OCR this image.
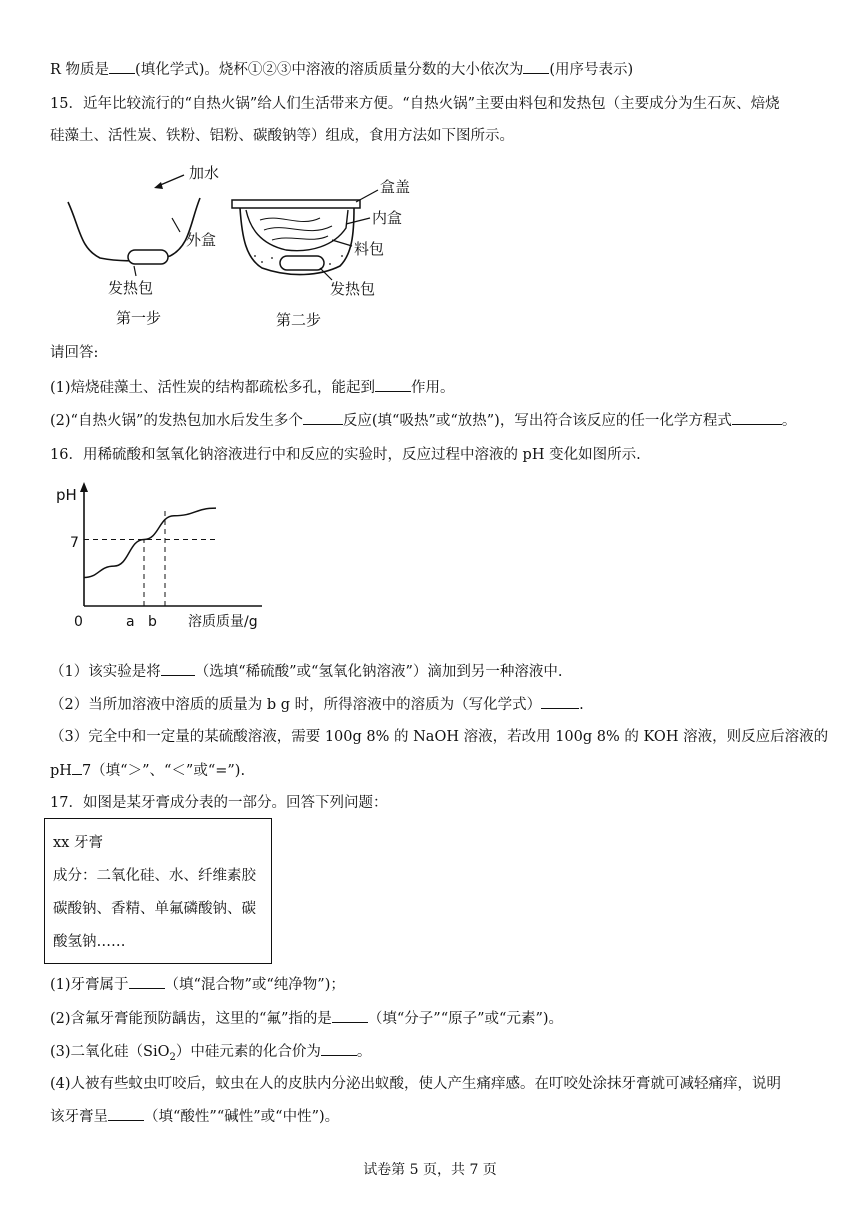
R 物质是 (填化学式)。烧杯①②③中溶液的溶质质量分数的大小依次为 (用序号表示)
15．近年比较流行的“自热火锅”给人们生活带来方便。“自热火锅”主要由料包和发热包（主要成分为生石灰、焙烧
硅藻土、活性炭、铁粉、铝粉、碳酸钠等）组成，食用方法如下图所示。
加水
外盒
发热包
第一步
盒盖
内盒
料包
发热包
第二步
请回答:
(1)焙烧硅藻土、活性炭的结构都疏松多孔，能起到 作用。
(2)“自热火锅”的发热包加水后发生多个	反应(填“吸热”或“放热”)，写出符合该反应的任一化学方程式	。
16．用稀硫酸和氢氧化钠溶液进行中和反应的实验时，反应过程中溶液的 pH 变化如图所示.
pH
0	a b 溶质质量/g
7
（1）该实验是将 （选填“稀硫酸”或“氢氧化钠溶液”）滴加到另一种溶液中.
（2）当所加溶液中溶质的质量为 b g 时，所得溶液中的溶质为（写化学式）	.
（3）完全中和一定量的某硫酸溶液，需要 100g 8% 的 NaOH 溶液，若改用 100g 8% 的 KOH 溶液，则反应后溶液的
pH 7（填“＞”、“＜”或“=”).
17．如图是某牙膏成分表的一部分。回答下列问题：
xx 牙膏
成分：二氧化硅、水、纤维素胶
碳酸钠、香精、单氟磷酸钠、碳
酸氢钠……
(1)牙膏属于 （填“混合物”或“纯净物”)；
(2)含氟牙膏能预防龋齿，这里的“氟”指的是 （填“分子”“原子”或“元素”)。
(3)二氧化硅（SiO$_2$）中硅元素的化合价为 。
(4)人被有些蚊虫叮咬后，蚊虫在人的皮肤内分泌出蚁酸，使人产生痛痒感。在叮咬处涂抹牙膏就可减轻痛痒，说明
该牙膏呈 （填“酸性”“碱性”或“中性”)。
试卷第 5 页，共 7 页
